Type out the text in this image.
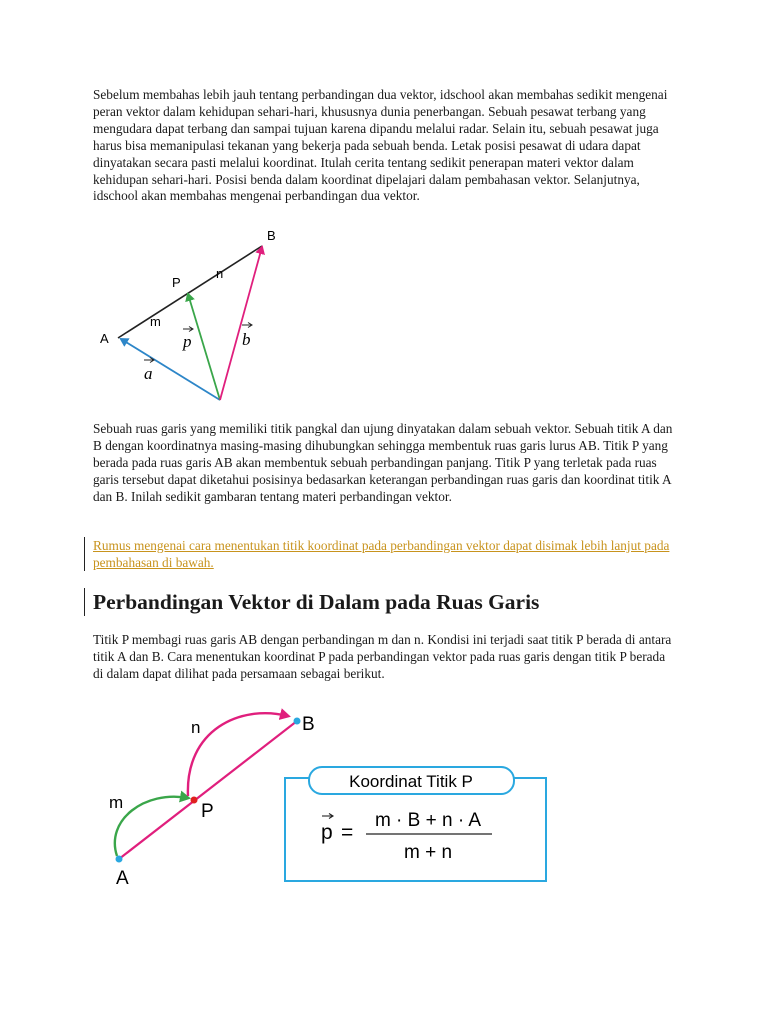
Sebelum membahas lebih jauh tentang perbandingan dua vektor, idschool akan membahas sedikit mengenai peran vektor dalam kehidupan sehari-hari, khususnya dunia penerbangan. Sebuah pesawat terbang yang mengudara dapat terbang dan sampai tujuan karena dipandu melalui radar. Selain itu, sebuah pesawat juga harus bisa memanipulasi tekanan yang bekerja pada sebuah benda. Letak posisi pesawat di udara dapat dinyatakan secara pasti melalui koordinat. Itulah cerita tentang sedikit penerapan materi vektor dalam kehidupan sehari-hari. Posisi benda dalam koordinat dipelajari dalam pembahasan vektor. Selanjutnya, idschool akan membahas mengenai perbandingan dua vektor.

A
B
P
m
n
a
p	b

Sebuah ruas garis yang memiliki titik pangkal dan ujung dinyatakan dalam sebuah vektor. Sebuah titik A dan B dengan koordinatnya masing-masing dihubungkan sehingga membentuk ruas garis lurus AB. Titik P yang berada pada ruas garis AB akan membentuk sebuah perbandingan panjang. Titik P yang terletak pada ruas garis tersebut dapat diketahui posisinya bedasarkan keterangan perbandingan ruas garis dan koordinat titik A dan B. Inilah sedikit gambaran tentang materi perbandingan vektor.

Rumus mengenai cara menentukan titik koordinat pada perbandingan vektor dapat disimak lebih lanjut pada pembahasan di bawah.
Perbandingan Vektor di Dalam pada Ruas Garis

Titik P membagi ruas garis AB dengan perbandingan m dan n. Kondisi ini terjadi saat titik P berada di antara titik A dan B. Cara menentukan koordinat P pada perbandingan vektor pada ruas garis dengan titik P berada di dalam dapat dilihat pada persamaan sebagai berikut.

A
B
P
m
n
Koordinat Titik P
p =
m · B + n · A
m + n
